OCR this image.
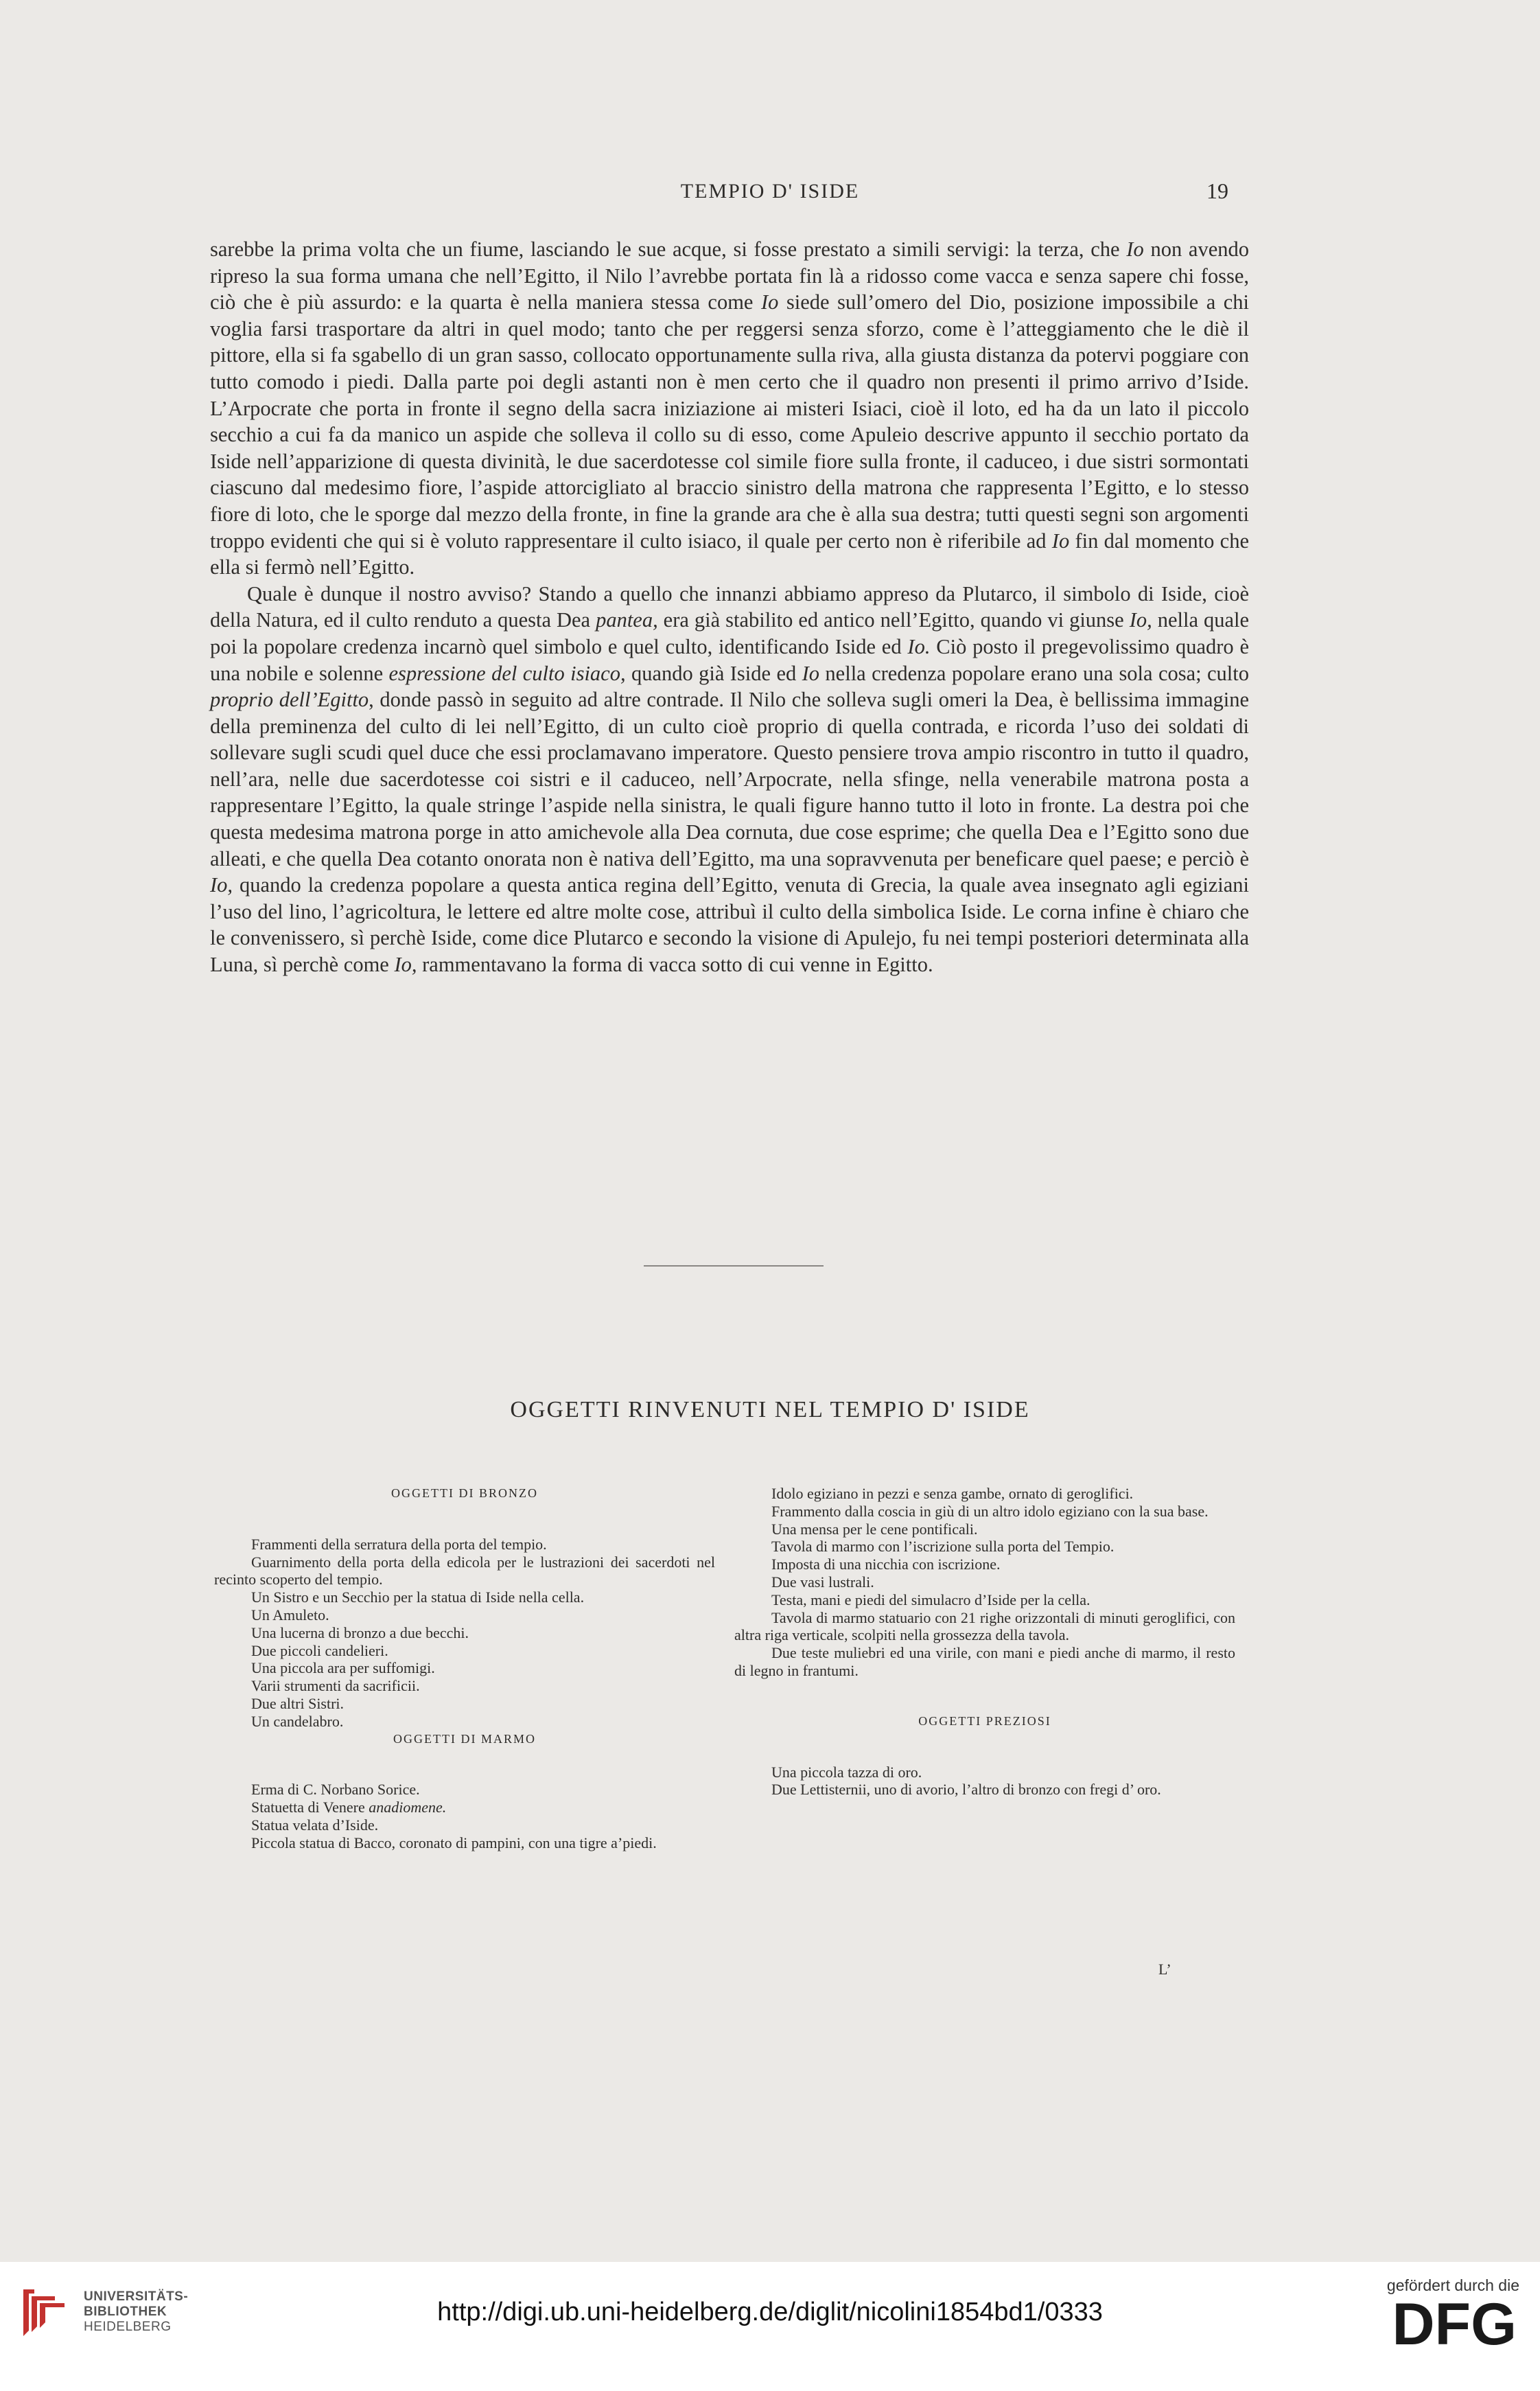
TEMPIO D' ISIDE	19

sarebbe la prima volta che un fiume, lasciando le sue acque, si fosse prestato a simili servigi: la terza, che Io non avendo ripreso la sua forma umana che nell’Egitto, il Nilo l’avrebbe portata fin là a ridosso come vacca e senza sapere chi fosse, ciò che è più assurdo: e la quarta è nella maniera stessa come Io siede sull’omero del Dio, posizione impossibile a chi voglia farsi trasportare da altri in quel modo; tanto che per reggersi senza sforzo, come è l’atteggiamento che le diè il pittore, ella si fa sgabello di un gran sasso, collocato opportunamente sulla riva, alla giusta distanza da potervi poggiare con tutto comodo i piedi. Dalla parte poi degli astanti non è men certo che il quadro non presenti il primo arrivo d’Iside. L’Arpocrate che porta in fronte il segno della sacra iniziazione ai misteri Isiaci, cioè il loto, ed ha da un lato il piccolo secchio a cui fa da manico un aspide che solleva il collo su di esso, come Apuleio descrive appunto il secchio portato da Iside nell’apparizione di questa divinità, le due sacerdotesse col simile fiore sulla fronte, il caduceo, i due sistri sormontati ciascuno dal medesimo fiore, l’aspide attorcigliato al braccio sinistro della matrona che rappresenta l’Egitto, e lo stesso fiore di loto, che le sporge dal mezzo della fronte, in fine la grande ara che è alla sua destra; tutti questi segni son argomenti troppo evidenti che qui si è voluto rappresentare il culto isiaco, il quale per certo non è riferibile ad Io fin dal momento che ella si fermò nell’Egitto.

Quale è dunque il nostro avviso? Stando a quello che innanzi abbiamo appreso da Plutarco, il simbolo di Iside, cioè della Natura, ed il culto renduto a questa Dea pantea, era già stabilito ed antico nell’Egitto, quando vi giunse Io, nella quale poi la popolare credenza incarnò quel simbolo e quel culto, identificando Iside ed Io. Ciò posto il pregevolissimo quadro è una nobile e solenne espressione del culto isiaco, quando già Iside ed Io nella credenza popolare erano una sola cosa; culto proprio dell’Egitto, donde passò in seguito ad altre contrade. Il Nilo che solleva sugli omeri la Dea, è bellissima immagine della preminenza del culto di lei nell’Egitto, di un culto cioè proprio di quella contrada, e ricorda l’uso dei soldati di sollevare sugli scudi quel duce che essi proclamavano imperatore. Questo pensiere trova ampio riscontro in tutto il quadro, nell’ara, nelle due sacerdotesse coi sistri e il caduceo, nell’Arpocrate, nella sfinge, nella venerabile matrona posta a rappresentare l’Egitto, la quale stringe l’aspide nella sinistra, le quali figure hanno tutto il loto in fronte. La destra poi che questa medesima matrona porge in atto amichevole alla Dea cornuta, due cose esprime; che quella Dea e l’Egitto sono due alleati, e che quella Dea cotanto onorata non è nativa dell’Egitto, ma una sopravvenuta per beneficare quel paese; e perciò è Io, quando la credenza popolare a questa antica regina dell’Egitto, venuta di Grecia, la quale avea insegnato agli egiziani l’uso del lino, l’agricoltura, le lettere ed altre molte cose, attribuì il culto della simbolica Iside. Le corna infine è chiaro che le convenissero, sì perchè Iside, come dice Plutarco e secondo la visione di Apulejo, fu nei tempi posteriori determinata alla Luna, sì perchè come Io, rammentavano la forma di vacca sotto di cui venne in Egitto.

OGGETTI RINVENUTI NEL TEMPIO D' ISIDE

OGGETTI DI BRONZO

Frammenti della serratura della porta del tempio.

Guarnimento della porta della edicola per le lustrazioni dei sacerdoti nel recinto scoperto del tempio.

Un Sistro e un Secchio per la statua di Iside nella cella.

Un Amuleto.

Una lucerna di bronzo a due becchi.

Due piccoli candelieri.

Una piccola ara per suffomigi.

Varii strumenti da sacrificii.

Due altri Sistri.

Un candelabro.

OGGETTI DI MARMO

Erma di C. Norbano Sorice.

Statuetta di Venere anadiomene.

Statua velata d’Iside.

Piccola statua di Bacco, coronato di pampini, con una tigre a’piedi.

Idolo egiziano in pezzi e senza gambe, ornato di geroglifici.

Frammento dalla coscia in giù di un altro idolo egiziano con la sua base.

Una mensa per le cene pontificali.

Tavola di marmo con l’iscrizione sulla porta del Tempio.

Imposta di una nicchia con iscrizione.

Due vasi lustrali.

Testa, mani e piedi del simulacro d’Iside per la cella.

Tavola di marmo statuario con 21 righe orizzontali di minuti geroglifici, con altra riga verticale, scolpiti nella grossezza della tavola.

Due teste muliebri ed una virile, con mani e piedi anche di marmo, il resto di legno in frantumi.

OGGETTI PREZIOSI

Una piccola tazza di oro.

Due Lettisternii, uno di avorio, l’altro di bronzo con fregi d’ oro.

L’
UNIVERSITÄTS-
BIBLIOTHEK
HEIDELBERG
http://digi.ub.uni-heidelberg.de/diglit/nicolini1854bd1/0333
gefördert durch die
DFG
